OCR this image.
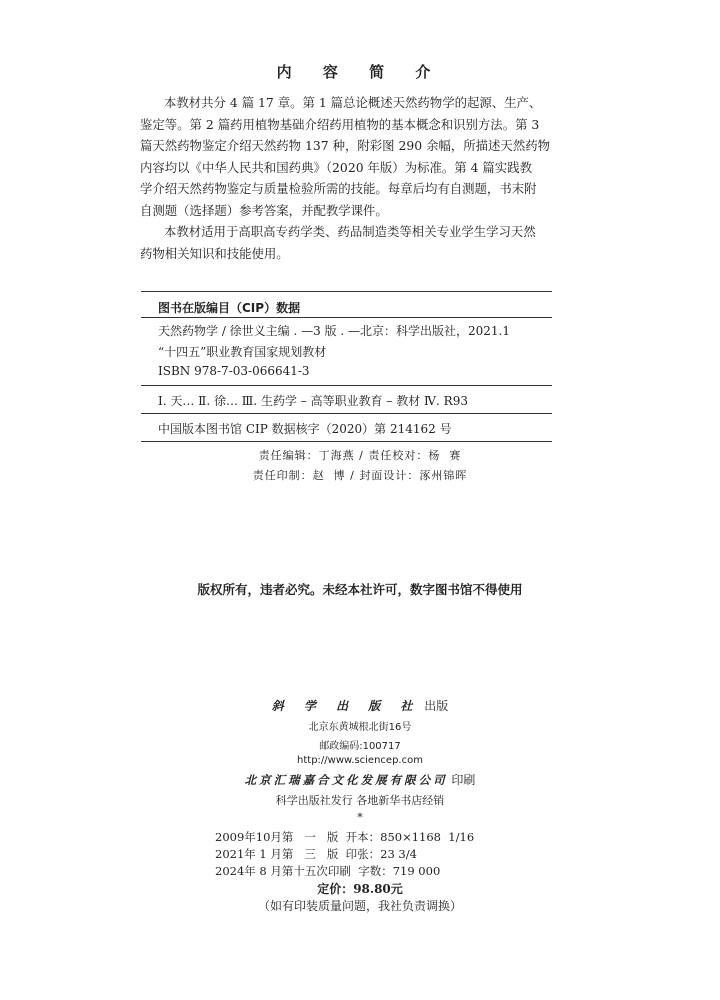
内 容 简 介
本教材共分 4 篇 17 章。第 1 篇总论概述天然药物学的起源、生产、
鉴定等。第 2 篇药用植物基础介绍药用植物的基本概念和识别方法。第 3
篇天然药物鉴定介绍天然药物 137 种，附彩图 290 余幅，所描述天然药物
内容均以《中华人民共和国药典》（2020 年版）为标准。第 4 篇实践教
学介绍天然药物鉴定与质量检验所需的技能。每章后均有自测题，书末附
自测题（选择题）参考答案，并配教学课件。
本教材适用于高职高专药学类、药品制造类等相关专业学生学习天然
药物相关知识和技能使用。
图书在版编目（CIP）数据
天然药物学 / 徐世义主编 . —3 版 . —北京：科学出版社，2021.1
“十四五”职业教育国家规划教材
ISBN 978-7-03-066641-3
Ⅰ. 天… Ⅱ. 徐… Ⅲ. 生药学 – 高等职业教育 – 教材 Ⅳ. R93
中国版本图书馆 CIP 数据核字（2020）第 214162 号
责任编辑：丁海燕 / 责任校对：杨  赛
责任印制：赵  博 / 封面设计：涿州锦晖
版权所有，违者必究。未经本社许可，数字图书馆不得使用
斜 学 出 版 社 出版
北京东黄城根北街16号
邮政编码:100717
http://www.sciencep.com
北京汇瑞嘉合文化发展有限公司 印刷
科学出版社发行 各地新华书店经销
*
2009年10月第   一   版  开本：850×1168  1/16
2021年 1 月第   三   版  印张：23 3/4
2024年 8 月第十五次印刷  字数：719 000
定价：98.80元
（如有印装质量问题，我社负责调换）
